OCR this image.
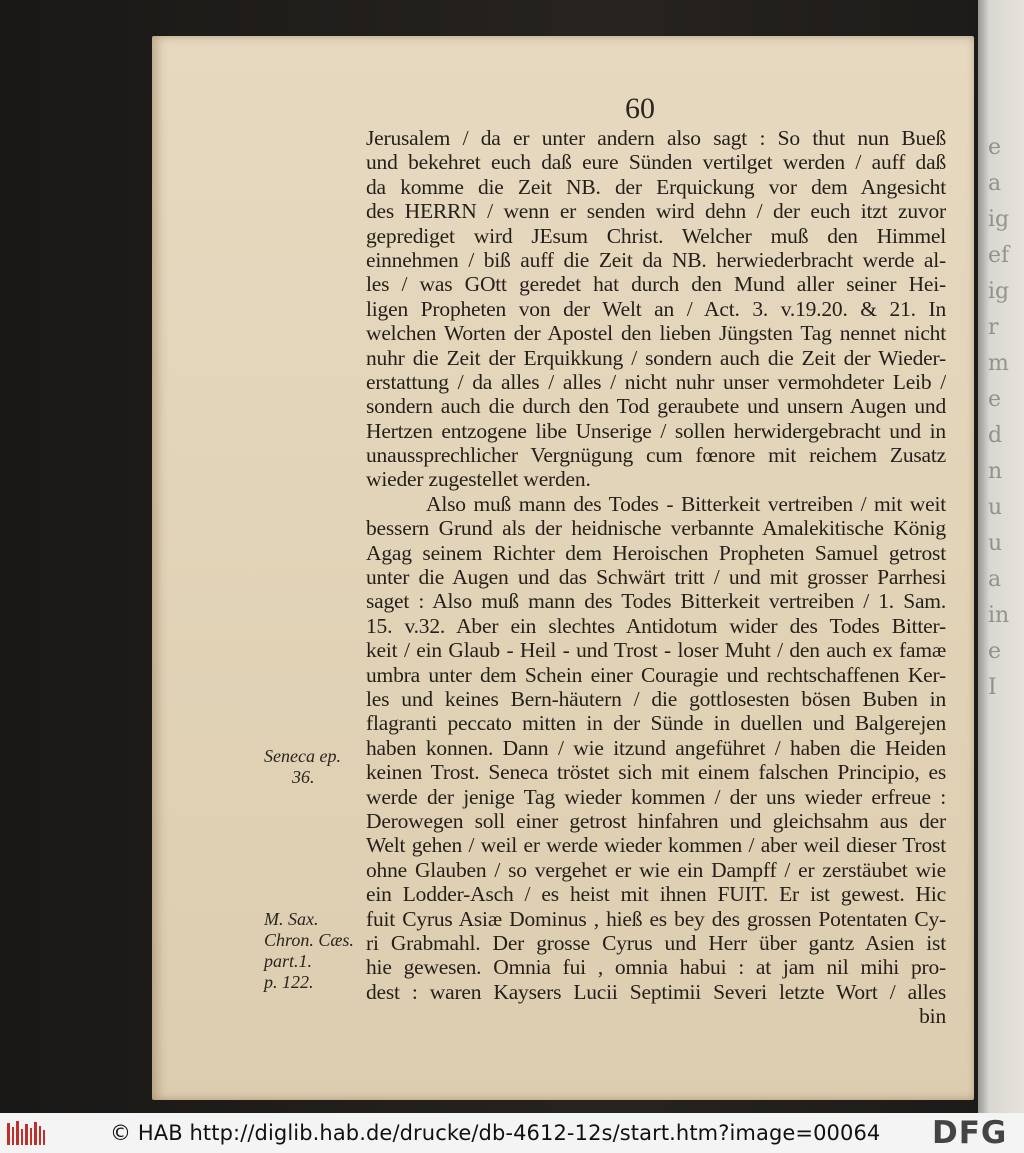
e
a
ig
ef
ig
r
m
e
d
n
u
u
a
in
e
I
60
Seneca ep.
36.
M. Sax.
Chron. Cæs.
part.1.
p. 122.
Jerusalem / da er unter andern also sagt : So thut nun Bueß
und bekehret euch daß eure Sünden vertilget werden / auff daß
da komme die Zeit NB. der Erquickung vor dem Angesicht
des HERRN / wenn er senden wird dehn / der euch itzt zuvor
geprediget wird JEsum Christ. Welcher muß den Himmel
einnehmen / biß auff die Zeit da NB. herwiederbracht werde al-
les / was GOtt geredet hat durch den Mund aller seiner Hei-
ligen Propheten von der Welt an / Act. 3. v.19.20. & 21. In
welchen Worten der Apostel den lieben Jüngsten Tag nennet nicht
nuhr die Zeit der Erquikkung / sondern auch die Zeit der Wieder-
erstattung / da alles / alles / nicht nuhr unser vermohdeter Leib /
sondern auch die durch den Tod geraubete und unsern Augen und
Hertzen entzogene libe Unserige / sollen herwidergebracht und in
unaussprechlicher Vergnügung cum fœnore mit reichem Zusatz
wieder zugestellet werden.
Also muß mann des Todes - Bitterkeit vertreiben / mit weit
bessern Grund als der heidnische verbannte Amalekitische König
Agag seinem Richter dem Heroischen Propheten Samuel getrost
unter die Augen und das Schwärt tritt / und mit grosser Parrhesi
saget : Also muß mann des Todes Bitterkeit vertreiben / 1. Sam.
15. v.32. Aber ein slechtes Antidotum wider des Todes Bitter-
keit / ein Glaub - Heil - und Trost - loser Muht / den auch ex famæ
umbra unter dem Schein einer Couragie und rechtschaffenen Ker-
les und keines Bern-häutern / die gottlosesten bösen Buben in
flagranti peccato mitten in der Sünde in duellen und Balgerejen
haben konnen. Dann / wie itzund angeführet / haben die Heiden
keinen Trost. Seneca tröstet sich mit einem falschen Principio, es
werde der jenige Tag wieder kommen / der uns wieder erfreue :
Derowegen soll einer getrost hinfahren und gleichsahm aus der
Welt gehen / weil er werde wieder kommen / aber weil dieser Trost
ohne Glauben / so vergehet er wie ein Dampff / er zerstäubet wie
ein Lodder-Asch / es heist mit ihnen FUIT. Er ist gewest. Hic
fuit Cyrus Asiæ Dominus , hieß es bey des grossen Potentaten Cy-
ri Grabmahl. Der grosse Cyrus und Herr über gantz Asien ist
hie gewesen. Omnia fui , omnia habui : at jam nil mihi pro-
dest : waren Kaysers Lucii Septimii Severi letzte Wort / alles
bin
© HAB http://diglib.hab.de/drucke/db-4612-12s/start.htm?image=00064 DFG
